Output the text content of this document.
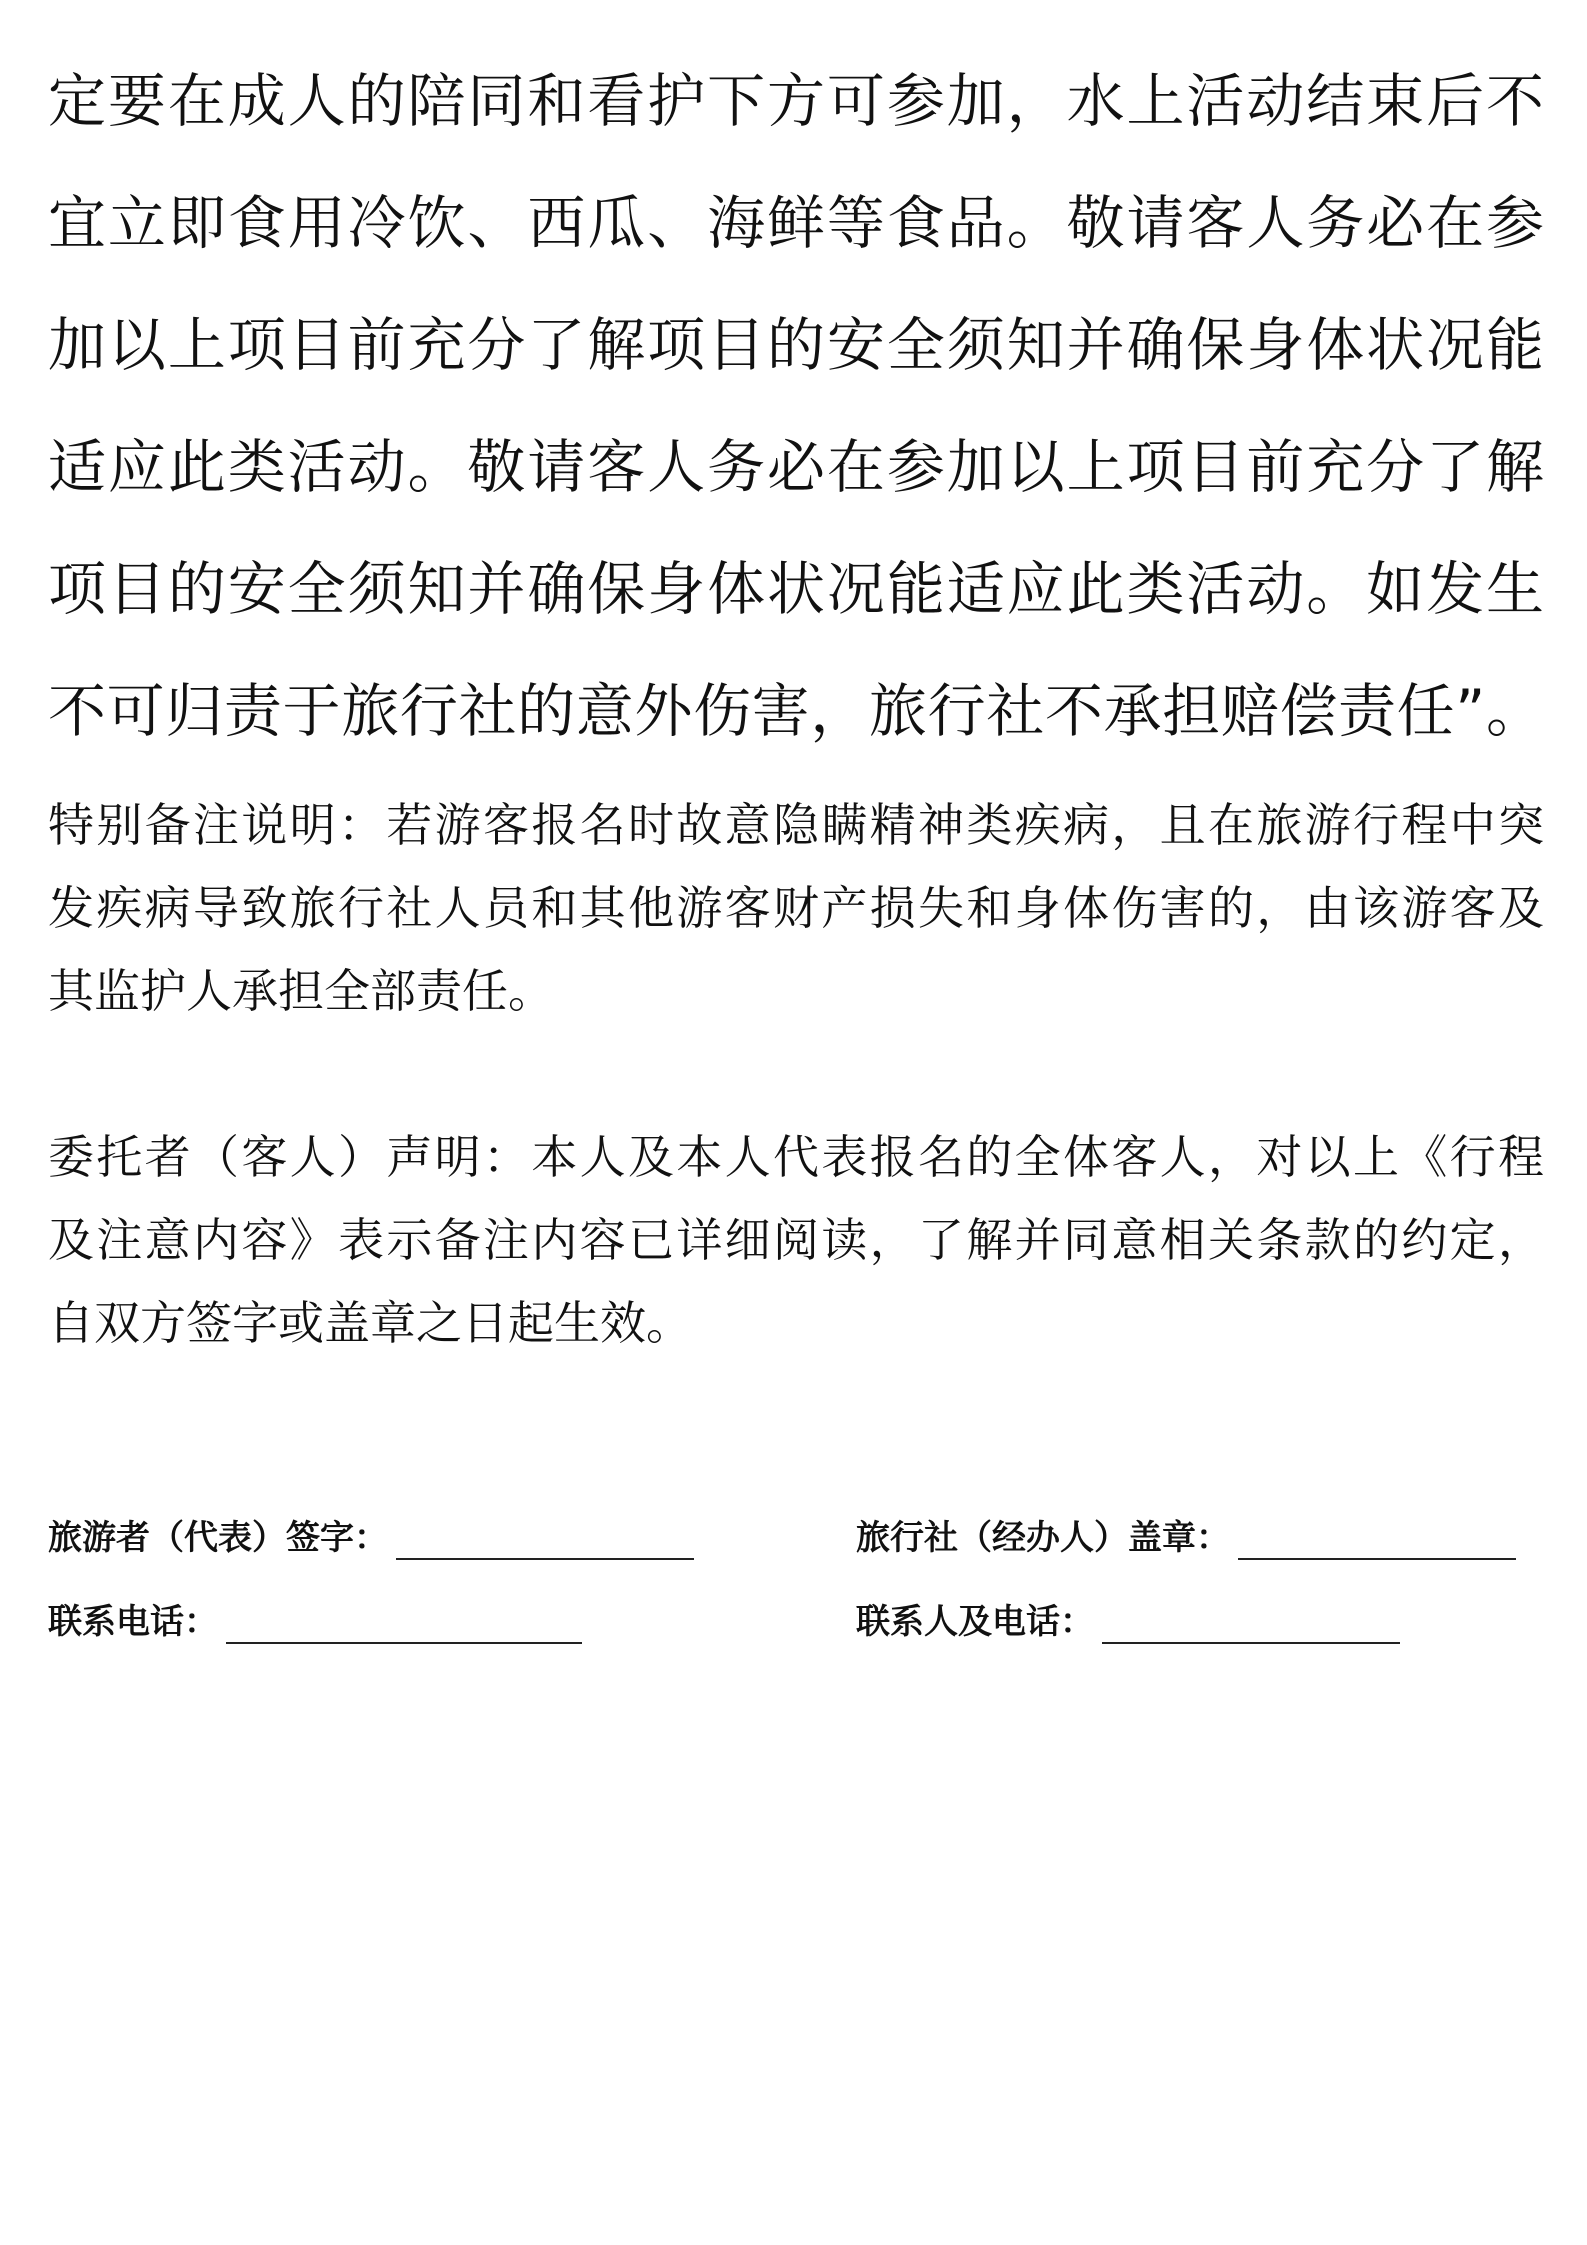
定要在成人的陪同和看护下方可参加，水上活动结束后不
宜立即食用冷饮、西瓜、海鲜等食品。敬请客人务必在参
加以上项目前充分了解项目的安全须知并确保身体状况能
适应此类活动。敬请客人务必在参加以上项目前充分了解
项目的安全须知并确保身体状况能适应此类活动。如发生
不可归责于旅行社的意外伤害，旅行社不承担赔偿责任”。
特别备注说明：若游客报名时故意隐瞒精神类疾病，且在旅游行程中突
发疾病导致旅行社人员和其他游客财产损失和身体伤害的，由该游客及
其监护人承担全部责任。
委托者（客人）声明：本人及本人代表报名的全体客人，对以上《行程
及注意内容》表示备注内容已详细阅读，了解并同意相关条款的约定，
自双方签字或盖章之日起生效。
旅游者（代表）签字：	旅行社（经办人）盖章：
联系电话：	联系人及电话：
